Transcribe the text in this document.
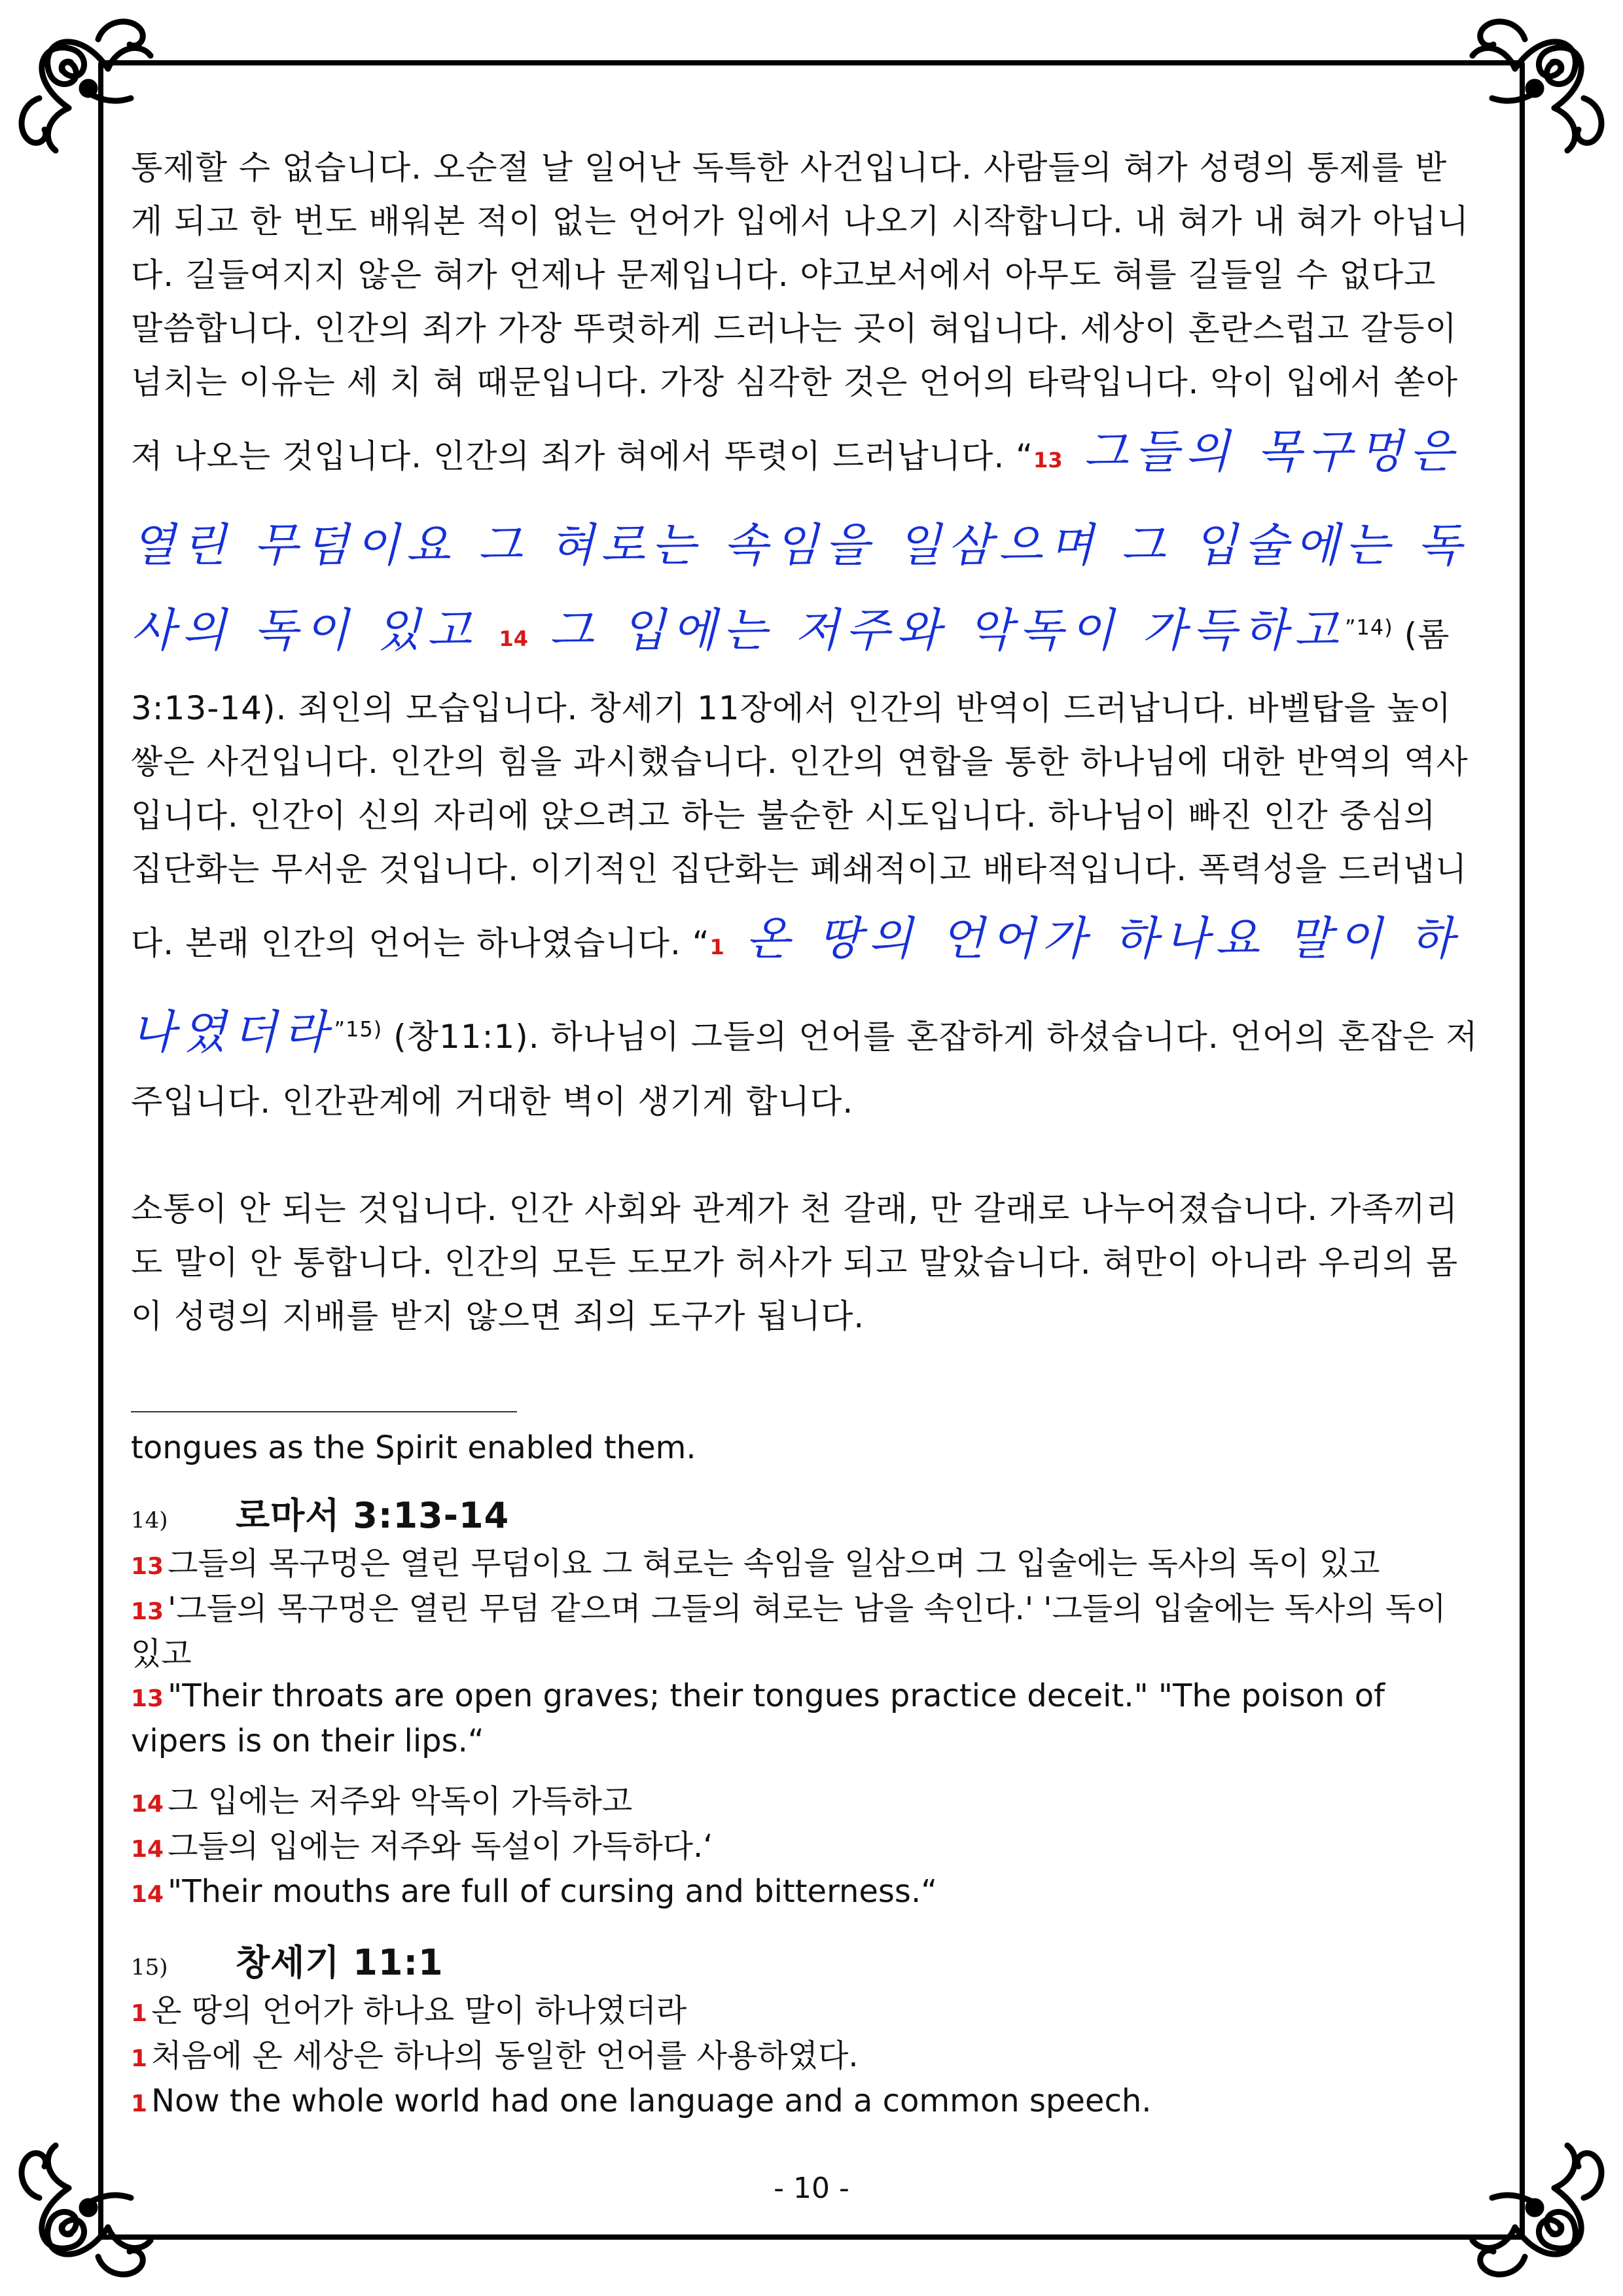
통제할 수 없습니다. 오순절 날 일어난 독특한 사건입니다. 사람들의 혀가 성령의 통제를 받게 되고 한 번도 배워본 적이 없는 언어가 입에서 나오기 시작합니다. 내 혀가 내 혀가 아닙니다. 길들여지지 않은 혀가 언제나 문제입니다. 야고보서에서 아무도 혀를 길들일 수 없다고 말씀합니다. 인간의 죄가 가장 뚜렷하게 드러나는 곳이 혀입니다. 세상이 혼란스럽고 갈등이 넘치는 이유는 세 치 혀 때문입니다. 가장 심각한 것은 언어의 타락입니다. 악이 입에서 쏟아져 나오는 것입니다. 인간의 죄가 혀에서 뚜렷이 드러납니다. “13 그들의 목구멍은 열린 무덤이요 그 혀로는 속임을 일삼으며 그 입술에는 독사의 독이 있고 14 그 입에는 저주와 악독이 가득하고$^{”14)}$ (롬3:13-14). 죄인의 모습입니다. 창세기 11장에서 인간의 반역이 드러납니다. 바벨탑을 높이 쌓은 사건입니다. 인간의 힘을 과시했습니다. 인간의 연합을 통한 하나님에 대한 반역의 역사입니다. 인간이 신의 자리에 앉으려고 하는 불순한 시도입니다. 하나님이 빠진 인간 중심의 집단화는 무서운 것입니다. 이기적인 집단화는 폐쇄적이고 배타적입니다. 폭력성을 드러냅니다. 본래 인간의 언어는 하나였습니다. “1 온 땅의 언어가 하나요 말이 하나였더라$^{”15)}$ (창11:1). 하나님이 그들의 언어를 혼잡하게 하셨습니다. 언어의 혼잡은 저주입니다. 인간관계에 거대한 벽이 생기게 합니다.

소통이 안 되는 것입니다. 인간 사회와 관계가 천 갈래, 만 갈래로 나누어졌습니다. 가족끼리도 말이 안 통합니다. 인간의 모든 도모가 허사가 되고 말았습니다. 혀만이 아니라 우리의 몸이 성령의 지배를 받지 않으면 죄의 도구가 됩니다.

tongues as the Spirit enabled them.

14)	로마서 3:13-14

13 그들의 목구멍은 열린 무덤이요 그 혀로는 속임을 일삼으며 그 입술에는 독사의 독이 있고

13 '그들의 목구멍은 열린 무덤 같으며 그들의 혀로는 남을 속인다.' '그들의 입술에는 독사의 독이 있고

13 "Their throats are open graves; their tongues practice deceit." "The poison of vipers is on their lips.“

14 그 입에는 저주와 악독이 가득하고

14 그들의 입에는 저주와 독설이 가득하다.‘

14 "Their mouths are full of cursing and bitterness.“

15)	창세기 11:1

1 온 땅의 언어가 하나요 말이 하나였더라

1 처음에 온 세상은 하나의 동일한 언어를 사용하였다.

1 Now the whole world had one language and a common speech.

- 10 -
